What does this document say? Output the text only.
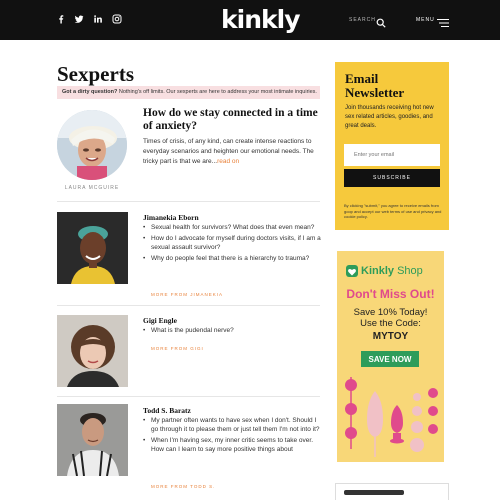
kinkly	SEARCH	MENU
Sexperts
Got a dirty question? Nothing's off limits. Our sexperts are here to address your most intimate inquiries.
LAURA MCGUIRE
How do we stay connected in a time of anxiety?

Times of crisis, of any kind, can create intense reactions to everyday scenarios and heighten our emotional needs. The tricky part is that we are...read on

Jimanekia Eborn
• Sexual health for survivors? What does that even mean?
• How do I advocate for myself during doctors visits, if I am a sexual assault survivor?
• Why do people feel that there is a hierarchy to trauma?
MORE FROM JIMANEKIA
Gigi Engle
• What is the pudendal nerve?
MORE FROM GIGI
Todd S. Baratz
• My partner often wants to have sex when I don't. Should I go through it to please them or just tell them I'm not into it?
• When I'm having sex, my inner critic seems to take over. How can I learn to say more positive things about
MORE FROM TODD S.
Email
Newsletter

Join thousands receiving hot new sex related articles, goodies, and great deals.

Enter your email
SUBSCRIBE

By clicking "submit," you agree to receive emails from goop and accept our web terms of use and privacy and cookie policy.

Kinkly Shop
Don't Miss Out!
Save 10% Today!
Use the Code:
MYTOY
SAVE NOW
